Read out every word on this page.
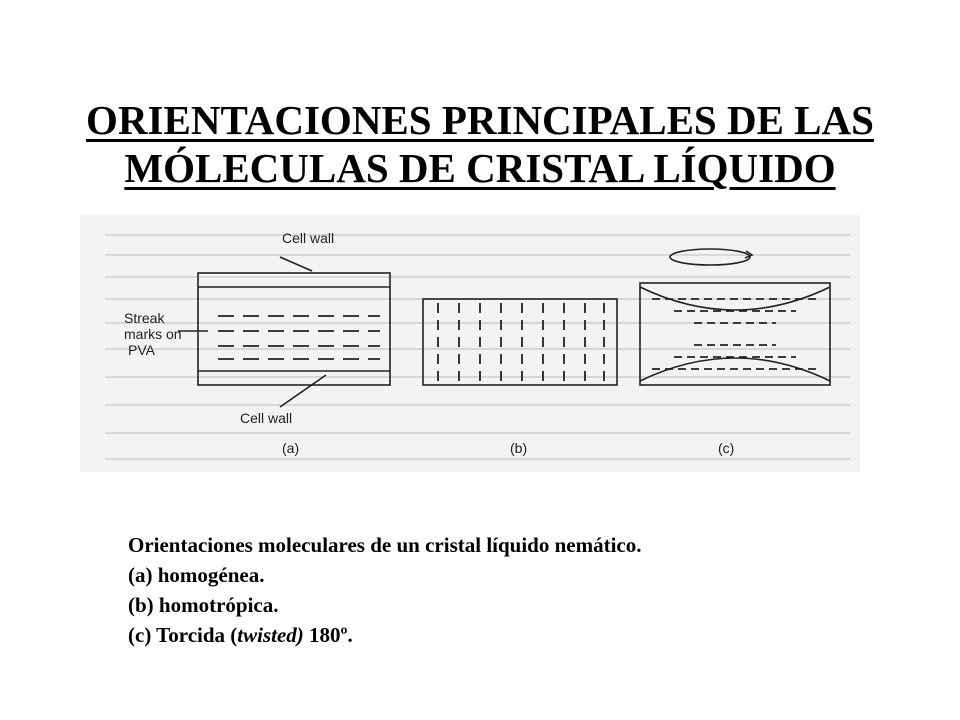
ORIENTACIONES PRINCIPALES DE LAS
MÓLECULAS DE CRISTAL LÍQUIDO
Cell wall
Streak
marks on
PVA
Cell wall
(a)	(b)	(c)
Orientaciones moleculares de un cristal líquido nemático.
(a) homogénea.
(b) homotrópica.
(c) Torcida (twisted) 180º.
